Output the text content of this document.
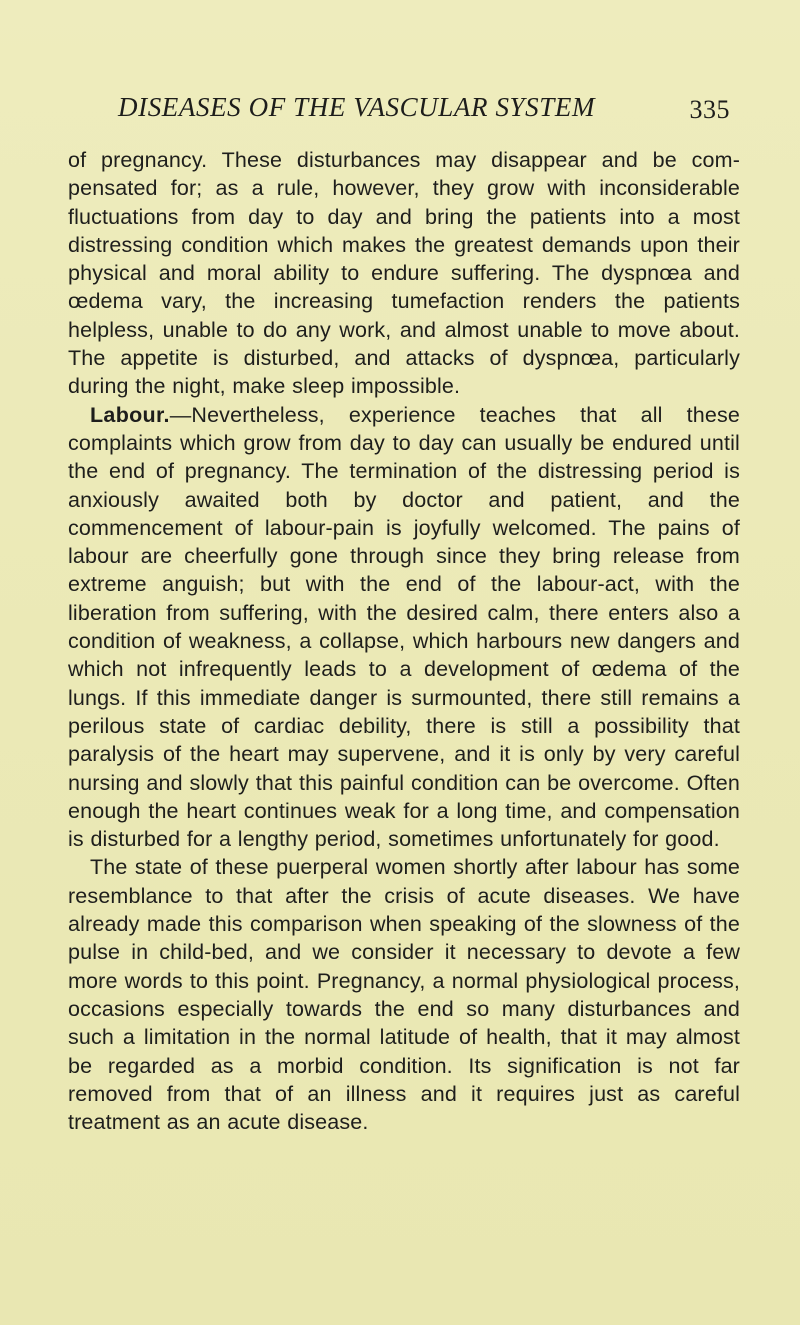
DISEASES OF THE VASCULAR SYSTEM	335

of pregnancy. These disturbances may disappear and be com-pensated for; as a rule, however, they grow with inconsiderable fluctuations from day to day and bring the patients into a most distressing condition which makes the greatest demands upon their physical and moral ability to endure suffering. The dyspnœa and œdema vary, the increasing tumefaction renders the patients helpless, unable to do any work, and almost unable to move about. The appetite is disturbed, and attacks of dyspnœa, particularly during the night, make sleep impossible.

Labour.—Nevertheless, experience teaches that all these complaints which grow from day to day can usually be endured until the end of pregnancy. The termination of the distressing period is anxiously awaited both by doctor and patient, and the commencement of labour-pain is joyfully welcomed. The pains of labour are cheerfully gone through since they bring release from extreme anguish; but with the end of the labour-act, with the liberation from suffering, with the desired calm, there enters also a condition of weakness, a collapse, which harbours new dangers and which not infrequently leads to a development of œdema of the lungs. If this immediate danger is surmounted, there still remains a perilous state of cardiac debility, there is still a possibility that paralysis of the heart may supervene, and it is only by very careful nursing and slowly that this painful condition can be overcome. Often enough the heart continues weak for a long time, and compensation is disturbed for a lengthy period, sometimes unfortunately for good.

The state of these puerperal women shortly after labour has some resemblance to that after the crisis of acute diseases. We have already made this comparison when speaking of the slowness of the pulse in child-bed, and we consider it necessary to devote a few more words to this point. Pregnancy, a normal physiological process, occasions especially towards the end so many disturbances and such a limitation in the normal latitude of health, that it may almost be regarded as a morbid condition. Its signification is not far removed from that of an illness and it requires just as careful treatment as an acute disease.
